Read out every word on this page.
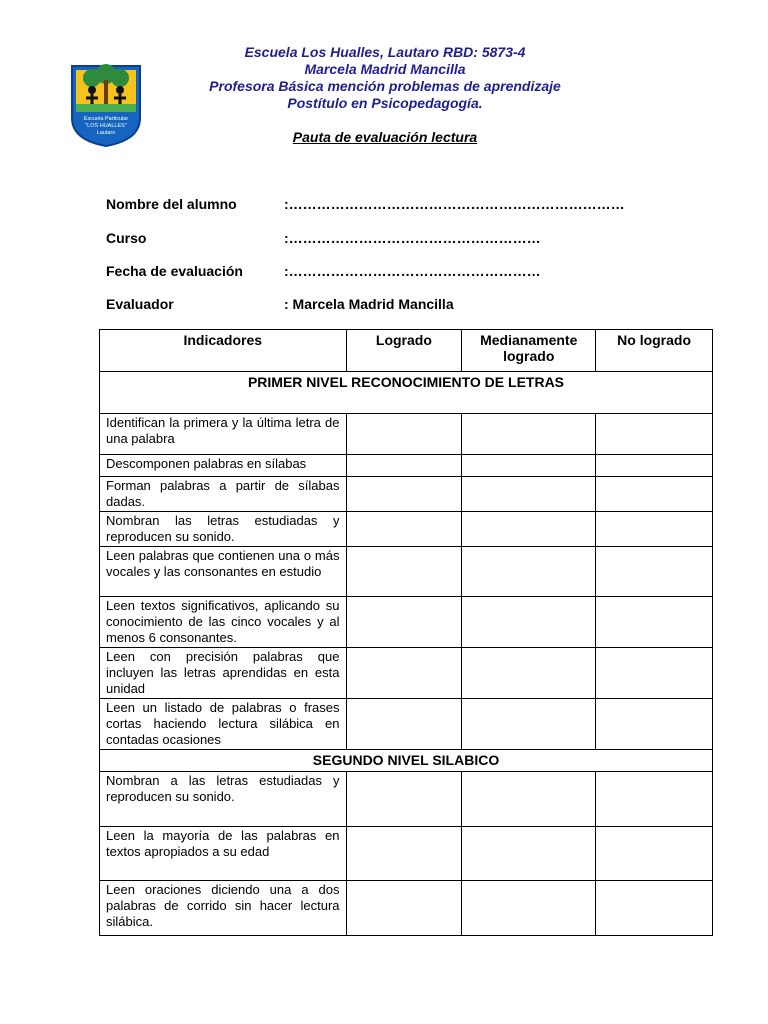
Escuela Particular
"LOS HUALLES"
Lautaro
Escuela Los Hualles, Lautaro RBD: 5873-4
Marcela Madrid Mancilla
Profesora Básica mención problemas de aprendizaje
Postítulo en Psicopedagogía.
Pauta de evaluación lectura
Nombre del alumno	:………………………………………………………………
Curso	:………………………………………………
Fecha de evaluación	:………………………………………………
Evaluador	: Marcela Madrid Mancilla
Indicadores	Logrado	Medianamente logrado	No logrado
PRIMER NIVEL RECONOCIMIENTO DE LETRAS			
Identifican la primera y la última letra de una palabra			
Descomponen palabras en sílabas			
Forman palabras a partir de sílabas dadas.			
Nombran las letras estudiadas y reproducen su sonido.			
Leen palabras que contienen una o más vocales y las consonantes en estudio			
Leen textos significativos, aplicando su conocimiento de las cinco vocales y al menos 6 consonantes.			
Leen con precisión palabras que incluyen las letras aprendidas en esta unidad			
Leen un listado de palabras o frases cortas haciendo lectura silábica en contadas ocasiones			
SEGUNDO NIVEL SILABICO			
Nombran a las letras estudiadas y reproducen su sonido.			
Leen la mayoría de las palabras en textos apropiados a su edad			
Leen oraciones diciendo una a dos palabras de corrido sin hacer lectura silábica.			
